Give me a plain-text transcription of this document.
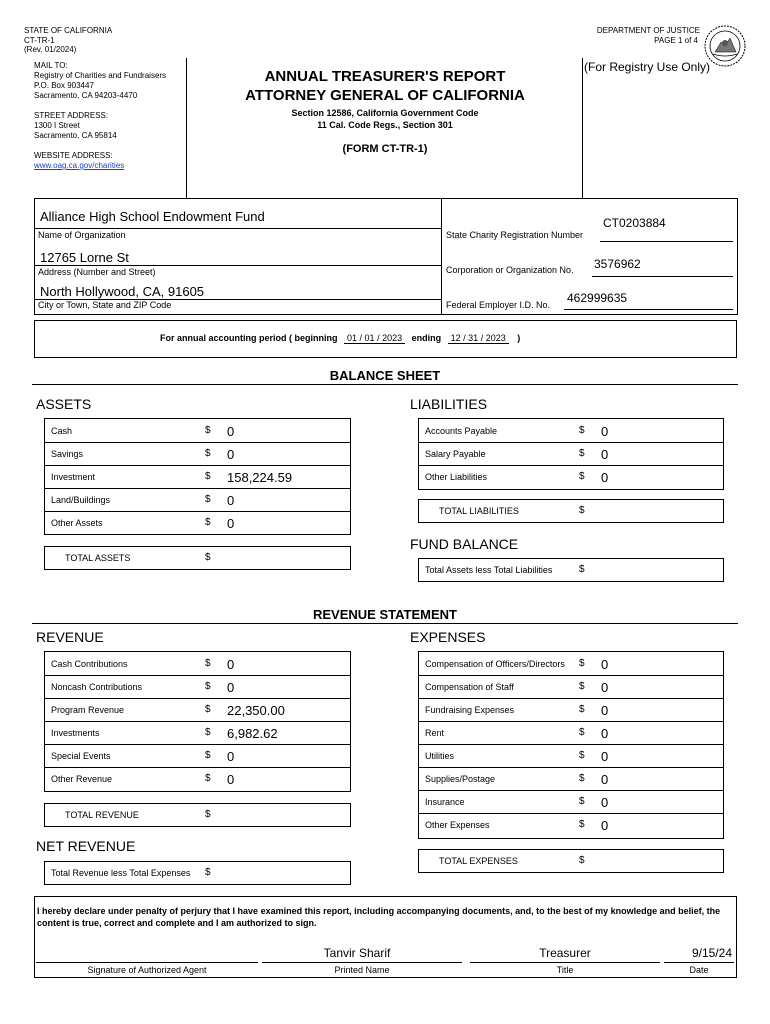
STATE OF CALIFORNIA
CT-TR-1
(Rev. 01/2024)
DEPARTMENT OF JUSTICE
PAGE 1 of 4
MAIL TO:
Registry of Charities and Fundraisers
P.O. Box 903447
Sacramento, CA 94203-4470
STREET ADDRESS:
1300 I Street
Sacramento, CA 95814
WEBSITE ADDRESS:
www.oag.ca.gov/charities
ANNUAL TREASURER'S REPORT
ATTORNEY GENERAL OF CALIFORNIA
Section 12586, California Government Code
11 Cal. Code Regs., Section 301
(FORM CT-TR-1)
(For Registry Use Only)
Alliance High School Endowment Fund
Name of Organization
12765 Lorne St
Address (Number and Street)
North Hollywood, CA, 91605
City or Town, State and ZIP Code
State Charity Registration Number
CT0203884
Corporation or Organization No. 3576962
Federal Employer I.D. No. 462999635
For annual accounting period ( beginning 01 / 01 / 2023 ending 12 / 31 / 2023 )
BALANCE SHEET
ASSETS	LIABILITIES
Cash	$ 0
Savings	$ 0
Investment	$ 158,224.59
Land/Buildings	$ 0
Other Assets	$ 0
TOTAL ASSETS	$
Accounts Payable	$ 0
Salary Payable	$ 0
Other Liabilities	$ 0
TOTAL LIABILITIES	$
FUND BALANCE
Total Assets less Total Liabilities	$
REVENUE STATEMENT
REVENUE	EXPENSES
Cash Contributions	$ 0
Noncash Contributions	$ 0
Program Revenue	$ 22,350.00
Investments	$ 6,982.62
Special Events	$ 0
Other Revenue	$ 0
TOTAL REVENUE	$
NET REVENUE
Total Revenue less Total Expenses $
Compensation of Officers/Directors $ 0
Compensation of Staff	$ 0
Fundraising Expenses	$ 0
Rent	$ 0
Utilities	$ 0
Supplies/Postage	$ 0
Insurance	$ 0
Other Expenses	$ 0
TOTAL EXPENSES	$
I hereby declare under penalty of perjury that I have examined this report, including accompanying documents, and, to the best of my knowledge and belief, the content is true, correct and complete and I am authorized to sign.
Tanvir Sharif	Treasurer	9/15/24
Signature of Authorized Agent	Printed Name	Title	Date
